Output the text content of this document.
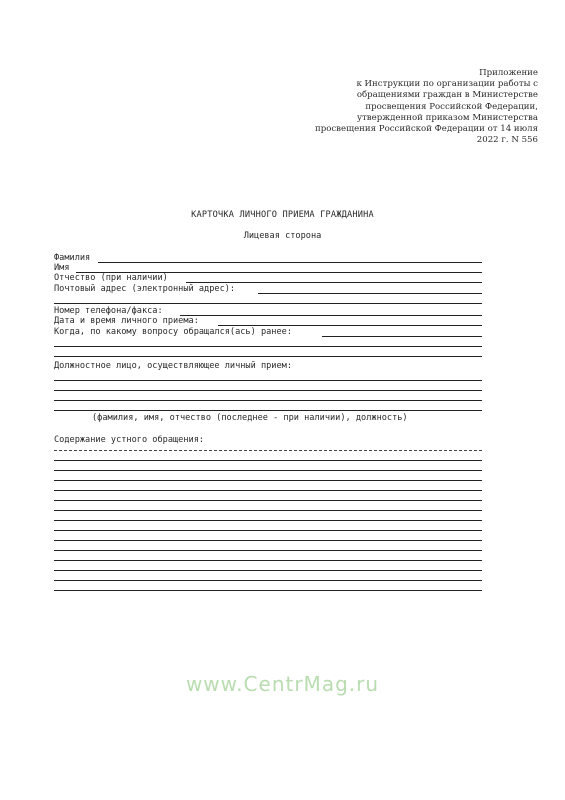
Приложение
к Инструкции по организации работы с
обращениями граждан в Министерстве
просвещения Российской Федерации,
утвержденной приказом Министерства
просвещения Российской Федерации от 14 июля
2022 г. N 556
КАРТОЧКА ЛИЧНОГО ПРИЕМА ГРАЖДАНИНА
Лицевая сторона
Фамилия
Имя
Отчество (при наличии)
Почтовый адрес (электронный адрес):
Номер телефона/факса:
Дата и время личного приема:
Когда, по какому вопросу обращался(ась) ранее:
Должностное лицо, осуществляющее личный прием:
(фамилия, имя, отчество (последнее - при наличии), должность)
Содержание устного обращения:
www.CentrMag.ru
